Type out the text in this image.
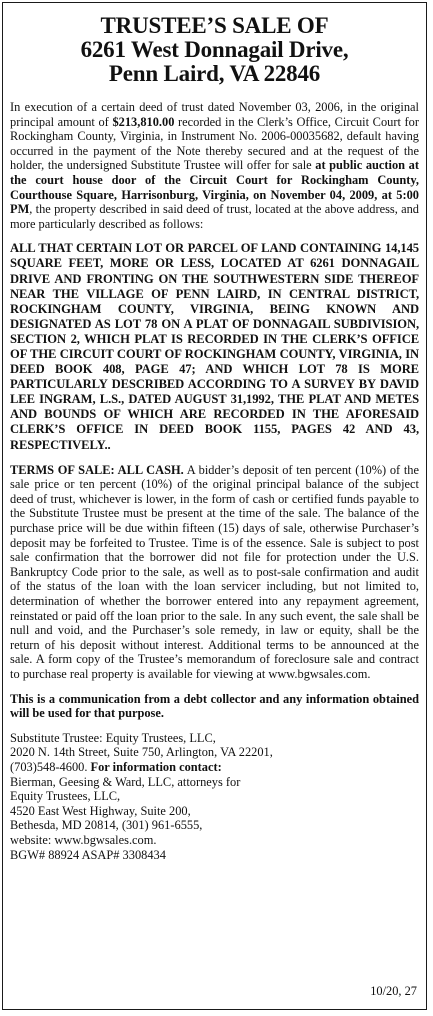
TRUSTEE’S SALE OF
6261 West Donnagail Drive,
Penn Laird, VA 22846

In execution of a certain deed of trust dated November 03, 2006, in the original principal amount of $213,810.00 recorded in the Clerk’s Office, Circuit Court for Rockingham County, Virginia, in Instrument No. 2006-00035682, default having occurred in the payment of the Note thereby secured and at the request of the holder, the undersigned Substitute Trustee will offer for sale at public auction at the court house door of the Circuit Court for Rockingham County, Courthouse Square, Harrisonburg, Virginia, on November 04, 2009, at 5:00 PM, the property described in said deed of trust, located at the above address, and more particularly described as follows:

ALL THAT CERTAIN LOT OR PARCEL OF LAND CONTAINING 14,145 SQUARE FEET, MORE OR LESS, LOCATED AT 6261 DONNAGAIL DRIVE AND FRONTING ON THE SOUTHWESTERN SIDE THEREOF NEAR THE VILLAGE OF PENN LAIRD, IN CENTRAL DISTRICT, ROCKINGHAM COUNTY, VIRGINIA, BEING KNOWN AND DESIGNATED AS LOT 78 ON A PLAT OF DONNAGAIL SUBDIVISION, SECTION 2, WHICH PLAT IS RECORDED IN THE CLERK’S OFFICE OF THE CIRCUIT COURT OF ROCKINGHAM COUNTY, VIRGINIA, IN DEED BOOK 408, PAGE 47; AND WHICH LOT 78 IS MORE PARTICULARLY DESCRIBED ACCORDING TO A SURVEY BY DAVID LEE INGRAM, L.S., DATED AUGUST 31,1992, THE PLAT AND METES AND BOUNDS OF WHICH ARE RECORDED IN THE AFORESAID CLERK’S OFFICE IN DEED BOOK 1155, PAGES 42 AND 43, RESPECTIVELY..

TERMS OF SALE: ALL CASH. A bidder’s deposit of ten percent (10%) of the sale price or ten percent (10%) of the original principal balance of the subject deed of trust, whichever is lower, in the form of cash or certified funds payable to the Substitute Trustee must be present at the time of the sale. The balance of the purchase price will be due within fifteen (15) days of sale, otherwise Purchaser’s deposit may be forfeited to Trustee. Time is of the essence. Sale is subject to post sale confirmation that the borrower did not file for protection under the U.S. Bankruptcy Code prior to the sale, as well as to post-sale confirmation and audit of the status of the loan with the loan servicer including, but not limited to, determination of whether the borrower entered into any repayment agreement, reinstated or paid off the loan prior to the sale. In any such event, the sale shall be null and void, and the Purchaser’s sole remedy, in law or equity, shall be the return of his deposit without interest. Additional terms to be announced at the sale. A form copy of the Trustee’s memorandum of foreclosure sale and contract to purchase real property is available for viewing at www.bgwsales.com.

This is a communication from a debt collector and any information obtained will be used for that purpose.

Substitute Trustee: Equity Trustees, LLC,
2020 N. 14th Street, Suite 750, Arlington, VA 22201,
(703)548-4600. For information contact:
Bierman, Geesing & Ward, LLC, attorneys for
Equity Trustees, LLC,
4520 East West Highway, Suite 200,
Bethesda, MD 20814, (301) 961-6555,
website: www.bgwsales.com.
BGW# 88924 ASAP# 3308434
10/20, 27
